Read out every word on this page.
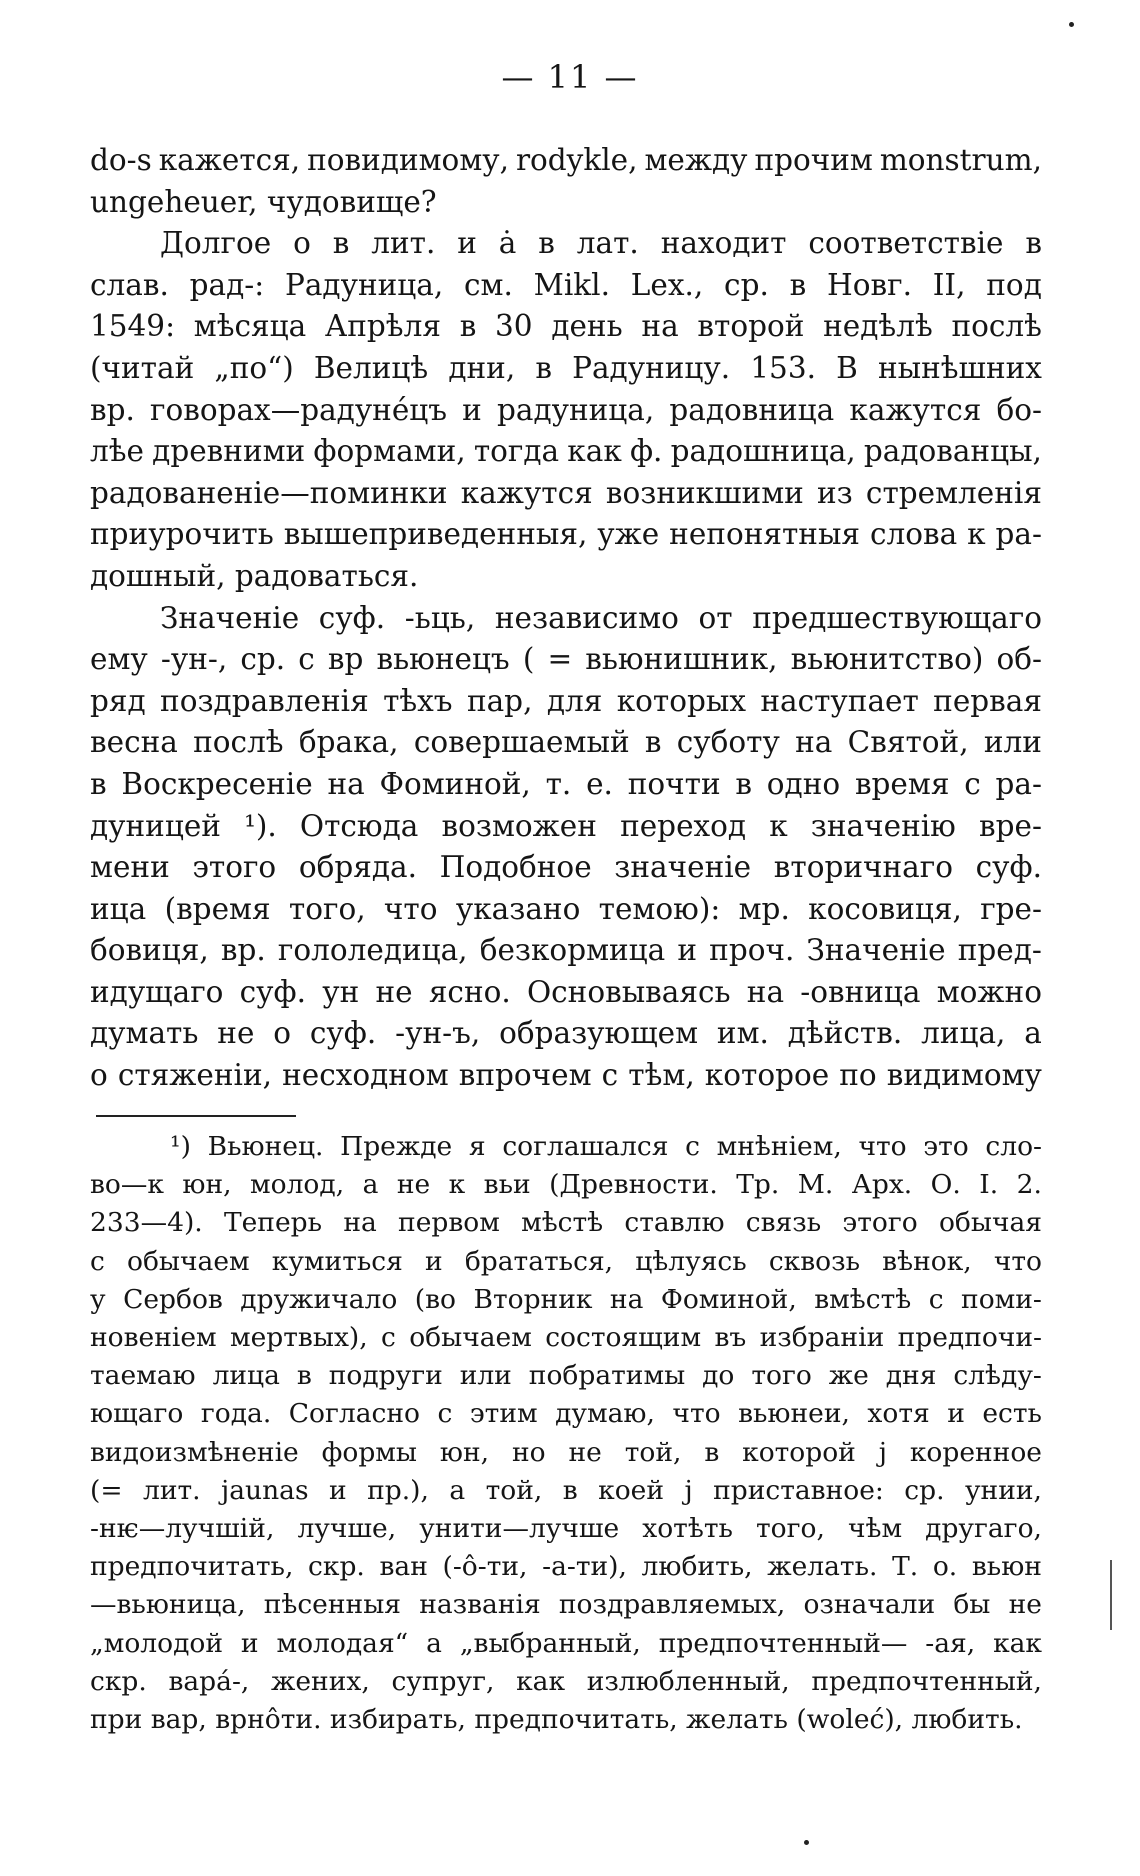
— 11 —
do-s кажется, повидимому, rodykle, между прочим monstrum,
ungeheuer, чудовище?
Долгое о в лит. и ȧ в лат. находит соответствіе в
слав. рад-: Радуница, см. Mikl. Lex., ср. в Новг. II, под
1549: мѣсяца Апрѣля в 30 день на второй недѣлѣ послѣ
(читай „по“) Велицѣ дни, в Радуницу. 153. В нынѣшних
вр. говорах—радунéцъ и радуница, радовница кажутся бо-
лѣе древними формами, тогда как ф. радошница, радованцы,
радованеніе—поминки кажутся возникшими из стремленія
приурочить вышеприведенныя, уже непонятныя слова к ра-
дошный, радоваться.
Значеніе суф. -ьць, независимо от предшествующаго
ему -ун-, ср. с вр вьюнецъ ( = вьюнишник, вьюнитство) об-
ряд поздравленія тѣхъ пар, для которых наступает первая
весна послѣ брака, совершаемый в суботу на Святой, или
в Воскресеніе на Фоминой, т. е. почти в одно время с ра-
дуницей ¹). Отсюда возможен переход к значенію вре-
мени этого обряда. Подобное значеніе вторичнаго суф.
ица (время того, что указано темою): мр. косовиця, гре-
бовиця, вр. гололедица, безкормица и проч. Значеніе пред-
идущаго суф. ун не ясно. Основываясь на -овница можно
думать не о суф. -ун-ъ, образующем им. дѣйств. лица, а
о стяженіи, несходном впрочем с тѣм, которое по видимому
¹) Вьюнец. Прежде я соглашался с мнѣніем, что это сло-
во—к юн, молод, а не к вьи (Древности. Тр. М. Арх. О. I. 2.
233—4). Теперь на первом мѣстѣ ставлю связь этого обычая
с обычаем кумиться и брататься, цѣлуясь сквозь вѣнок, что
у Сербов дружичало (во Вторник на Фоминой, вмѣстѣ с поми-
новеніем мертвых), с обычаем состоящим въ избраніи предпочи-
таемаю лица в подруги или побратимы до того же дня слѣду-
ющаго года. Согласно с этим думаю, что вьюнеи, хотя и есть
видоизмѣненіе формы юн, но не той, в которой j коренное
(= лит. jaunas и пр.), а той, в коей j приставное: ср. унии,
-нѥ—лучшій, лучше, унити—лучше хотѣть того, чѣм другаго,
предпочитать, скр. ван (-ô-ти, -а-ти), любить, желать. Т. о. вьюн
—вьюница, пѣсенныя названія поздравляемых, означали бы не
„молодой и молодая“ а „выбранный, предпочтенный— -ая, как
скр. вара́-, жених, супруг, как излюбленный, предпочтенный,
при вар, врнôти. избирать, предпочитать, желать (woleć), любить.
